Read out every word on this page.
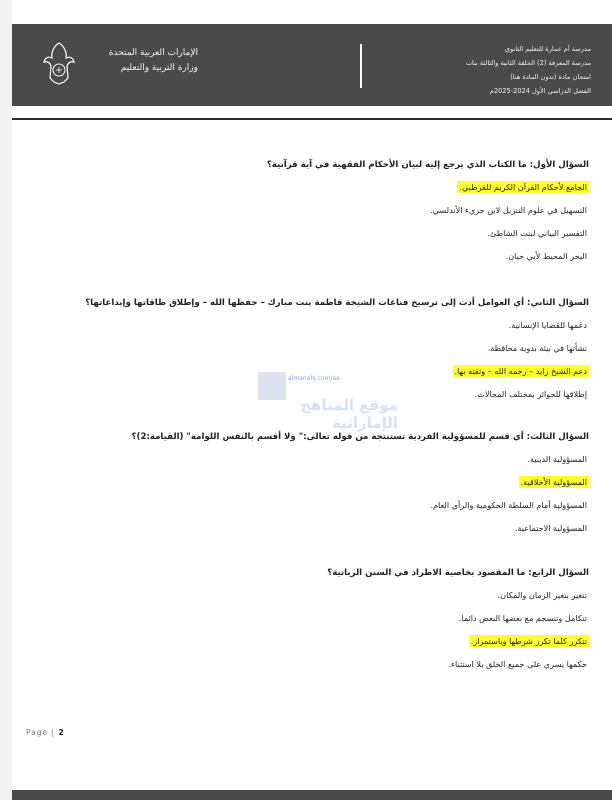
الإمارات العربية المتحدة
وزارة التربية والتعليم
مدرسة أم عمارة للتعليم الثانوي
مدرسة المعرفة (2) الحلقة الثانية والثالثة بنات
امتحان مادة (تدون المادة هنا)
الفصل الدراسي الأول 2024-2025م
السؤال الأول: ما الكتاب الذي يرجع إليه لبيان الأحكام الفقهية في آية قرآنية؟
الجامع لأحكام القرآن الكريم للقرطبي.
التسهيل في علوم التنزيل لابن جزيء الأندلسي.
التفسير البياني لبنت الشاطئ.
البحر المحيط لأبي حيان.
السؤال الثاني: أي العوامل أدت إلى ترسيخ قناعات الشيخة فاطمة بنت مبارك – حفظها الله – وإطلاق طاقاتها وإبداعاتها؟
دعمها للقضايا الإنسانية.
نشأتها في بيئة بدوية محافظة.
دعم الشيخ زايد – رحمه الله – وثقته بها.
إطلاقها للجوائز بمختلف المجالات.
السؤال الثالث: أي قسم للمسؤولية الفردية تستنتجه من قوله تعالى:" ولا أقسم بالنفس اللوامة" (القيامة:2)؟
المسؤولية الدينية.
المسؤولية الأخلاقية.
المسؤولية أمام السلطة الحكومية والرأي العام.
المسؤولية الاجتماعية.
السؤال الرابع: ما المقصود بخاصية الاطراد في السنن الربانية؟
تتغير بتغير الزمان والمكان.
تتكامل وتنسجم مع بعضها البعض دائما.
تتكرر كلما تكرر شرطها وباستمرار.
حكمها يسري على جميع الخلق بلا استثناء.
almanahj.com/ae
موقع المناهج الإماراتية
Page | 2
